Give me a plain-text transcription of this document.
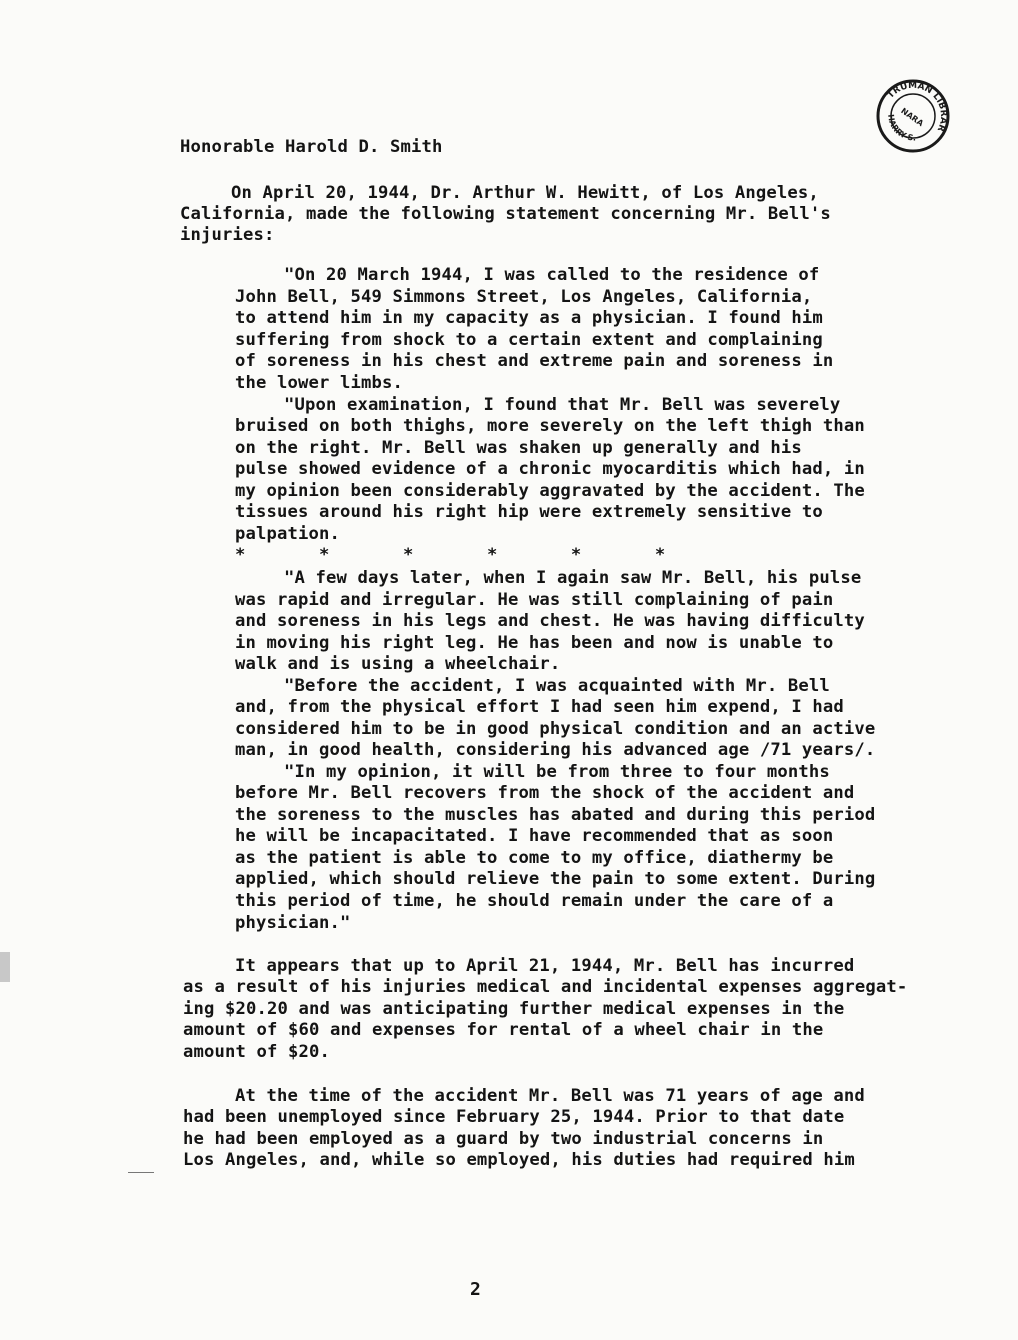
TRUMAN LIBRARY
HARRY S.
NARA
Honorable Harold D. Smith
On April 20, 1944, Dr. Arthur W. Hewitt, of Los Angeles,
California, made the following statement concerning Mr. Bell's
injuries:
"On 20 March 1944, I was called to the residence of
John Bell, 549 Simmons Street, Los Angeles, California,
to attend him in my capacity as a physician. I found him
suffering from shock to a certain extent and complaining
of soreness in his chest and extreme pain and soreness in
the lower limbs.
"Upon examination, I found that Mr. Bell was severely
bruised on both thighs, more severely on the left thigh than
on the right. Mr. Bell was shaken up generally and his
pulse showed evidence of a chronic myocarditis which had, in
my opinion been considerably aggravated by the accident. The
tissues around his right hip were extremely sensitive to
palpation.
*       *       *       *       *       *
"A few days later, when I again saw Mr. Bell, his pulse
was rapid and irregular. He was still complaining of pain
and soreness in his legs and chest. He was having difficulty
in moving his right leg. He has been and now is unable to
walk and is using a wheelchair.
"Before the accident, I was acquainted with Mr. Bell
and, from the physical effort I had seen him expend, I had
considered him to be in good physical condition and an active
man, in good health, considering his advanced age /71 years/.
"In my opinion, it will be from three to four months
before Mr. Bell recovers from the shock of the accident and
the soreness to the muscles has abated and during this period
he will be incapacitated. I have recommended that as soon
as the patient is able to come to my office, diathermy be
applied, which should relieve the pain to some extent. During
this period of time, he should remain under the care of a
physician."
It appears that up to April 21, 1944, Mr. Bell has incurred
as a result of his injuries medical and incidental expenses aggregat-
ing $20.20 and was anticipating further medical expenses in the
amount of $60 and expenses for rental of a wheel chair in the
amount of $20.
At the time of the accident Mr. Bell was 71 years of age and
had been unemployed since February 25, 1944. Prior to that date
he had been employed as a guard by two industrial concerns in
Los Angeles, and, while so employed, his duties had required him
2
